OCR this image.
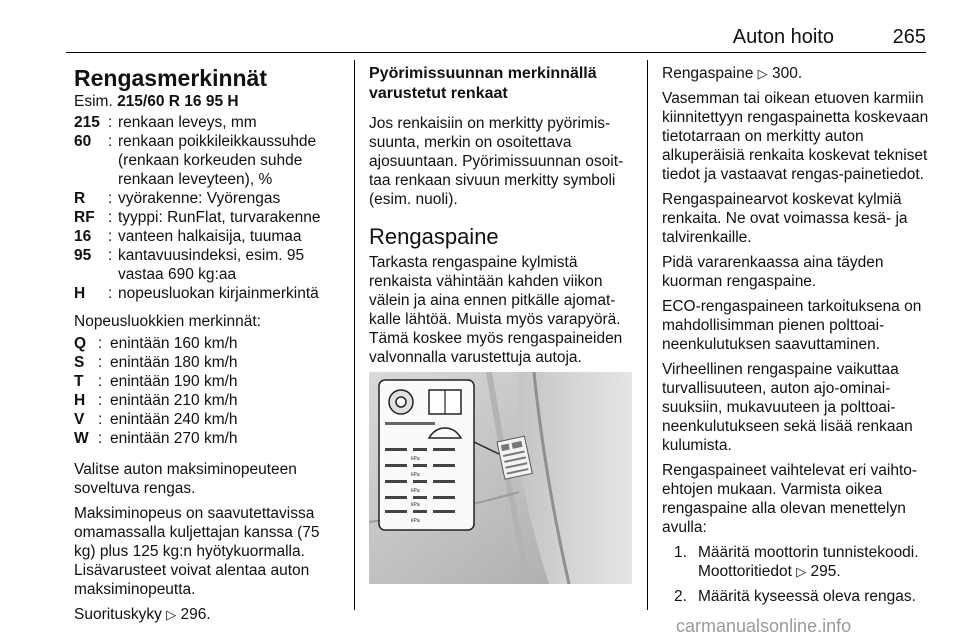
Auton hoito	265
Rengasmerkinnät

Esim. 215/60 R 16 95 H

215 : renkaan leveys, mm
60	: renkaan poikkileikkaussuhde (renkaan korkeuden suhde renkaan leveyteen), %
R	: vyörakenne: Vyörengas
RF : tyyppi: RunFlat, turvarakenne
16	: vanteen halkaisija, tuumaa
95	: kantavuusindeksi, esim. 95 vastaa 690 kg:aa
H	: nopeusluokan kirjainmerkintä

Nopeusluokkien merkinnät:

Q : enintään 160 km/h
S : enintään 180 km/h
T : enintään 190 km/h
H : enintään 210 km/h
V : enintään 240 km/h
W : enintään 270 km/h

Valitse auton maksiminopeuteen soveltuva rengas.

Maksiminopeus on saavutettavissa omamassalla kuljettajan kanssa (75 kg) plus 125 kg:n hyötykuormalla. Lisävarusteet voivat alentaa auton maksiminopeutta.

Suorituskyky ▷ 296.

Pyörimissuunnan merkinnällä varustetut renkaat

Jos renkaisiin on merkitty pyörimis-suunta, merkin on osoitettava ajosuuntaan. Pyörimissuunnan osoit-taa renkaan sivuun merkitty symboli (esim. nuoli).

Rengaspaine

Tarkasta rengaspaine kylmistä renkaista vähintään kahden viikon välein ja aina ennen pitkälle ajomat-kalle lähtöä. Muista myös varapyörä. Tämä koskee myös rengaspaineiden valvonnalla varustettuja autoja.

kPa
kPa
kPa
kPa
kPa

Rengaspaine ▷ 300.

Vasemman tai oikean etuoven karmiin kiinnitettyyn rengaspainetta koskevaan tietotarraan on merkitty auton alkuperäisiä renkaita koskevat tekniset tiedot ja vastaavat rengas-painetiedot.

Rengaspainearvot koskevat kylmiä renkaita. Ne ovat voimassa kesä- ja talvirenkaille.

Pidä vararenkaassa aina täyden kuorman rengaspaine.

ECO-rengaspaineen tarkoituksena on mahdollisimman pienen polttoai-neenkulutuksen saavuttaminen.

Virheellinen rengaspaine vaikuttaa turvallisuuteen, auton ajo-ominai-suuksiin, mukavuuteen ja polttoai-neenkulutukseen sekä lisää renkaan kulumista.

Rengaspaineet vaihtelevat eri vaihto-ehtojen mukaan. Varmista oikea rengaspaine alla olevan menettelyn avulla:

1. Määritä moottorin tunnistekoodi. Moottoritiedot ▷ 295.
2. Määritä kyseessä oleva rengas.
carmanualsonline.info
